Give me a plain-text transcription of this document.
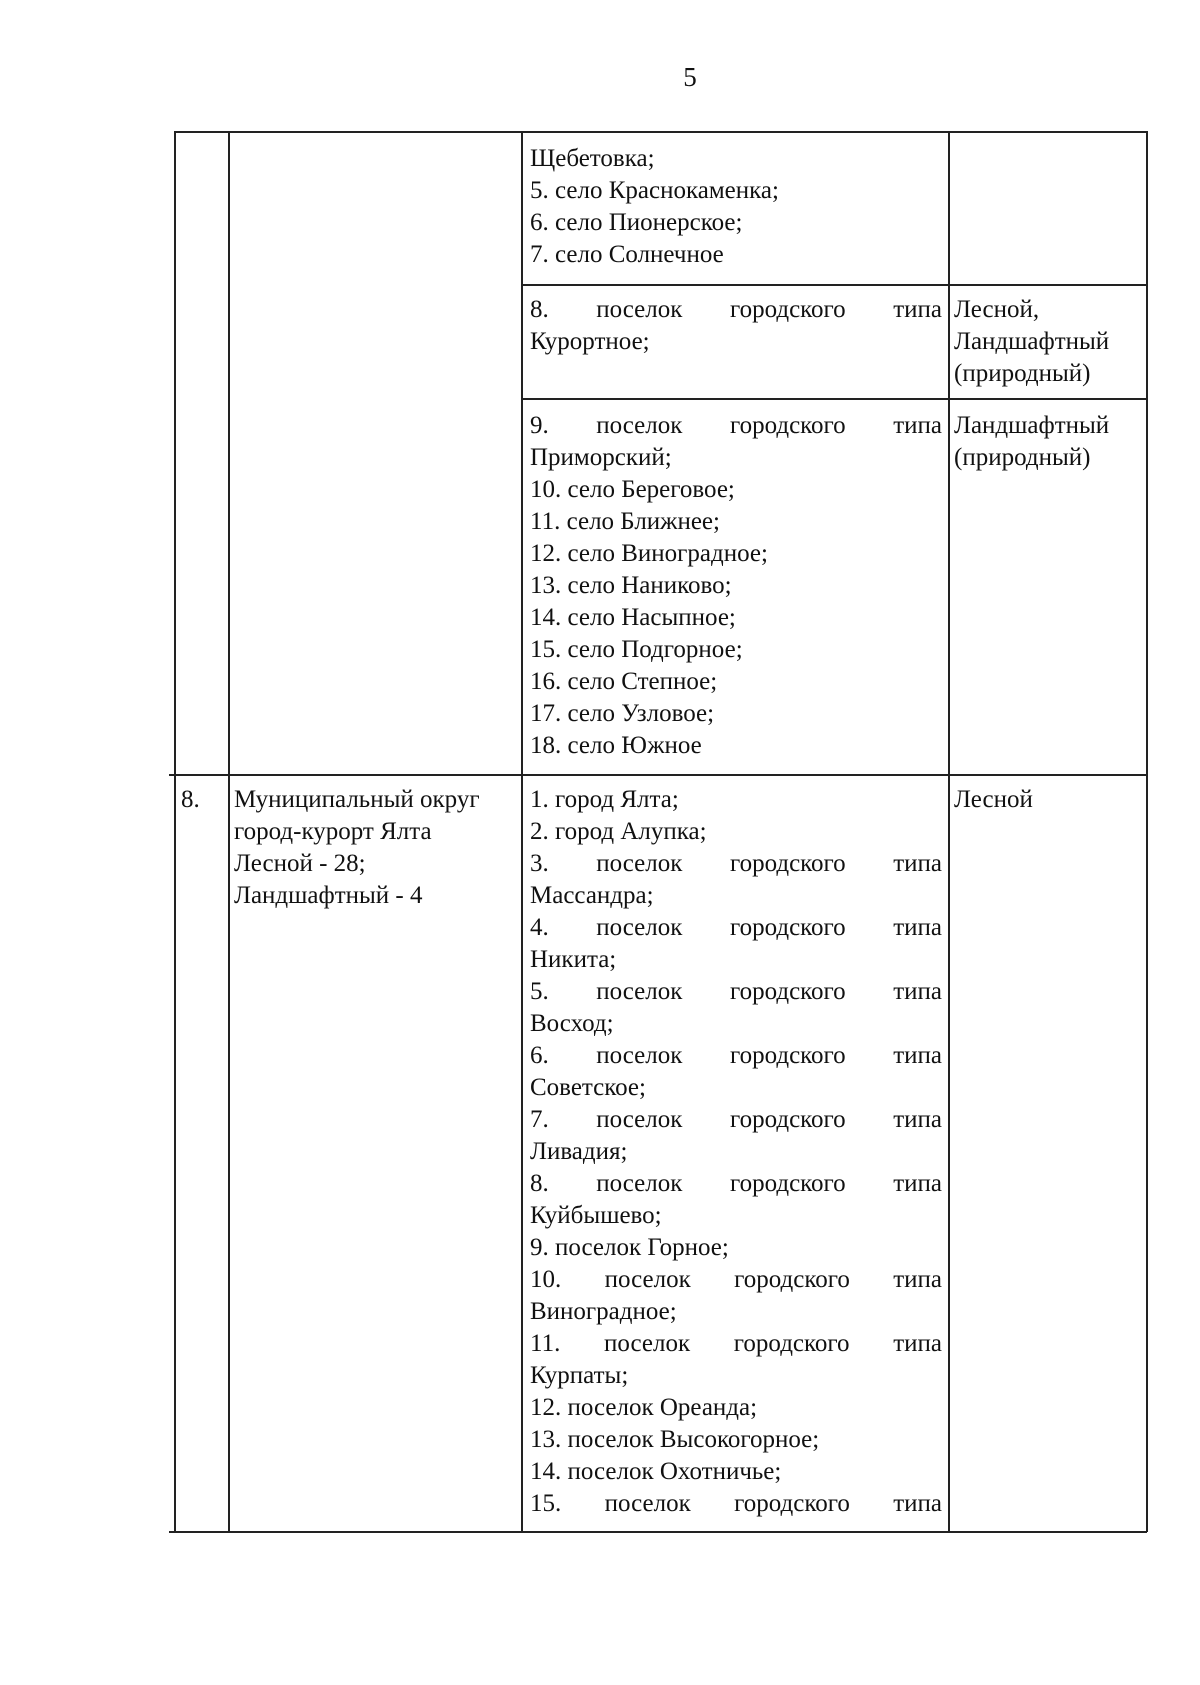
5
Щебетовка;
5. село Краснокаменка;
6. село Пионерское;
7. село Солнечное
8. поселок городского типа
Курортное;
Лесной,
Ландшафтный
(природный)
9. поселок городского типа
Приморский;
10. село Береговое;
11. село Ближнее;
12. село Виноградное;
13. село Наниково;
14. село Насыпное;
15. село Подгорное;
16. село Степное;
17. село Узловое;
18. село Южное
Ландшафтный
(природный)
8. Муниципальный округ
город-курорт Ялта
Лесной - 28;
Ландшафтный - 4
1. город Ялта;
2. город Алупка;
3. поселок городского типа
Массандра;
4. поселок городского типа
Никита;
5. поселок городского типа
Восход;
6. поселок городского типа
Советское;
7. поселок городского типа
Ливадия;
8. поселок городского типа
Куйбышево;
9. поселок Горное;
10. поселок городского типа
Виноградное;
11. поселок городского типа
Курпаты;
12. поселок Ореанда;
13. поселок Высокогорное;
14. поселок Охотничье;
15. поселок городского типа
Лесной
